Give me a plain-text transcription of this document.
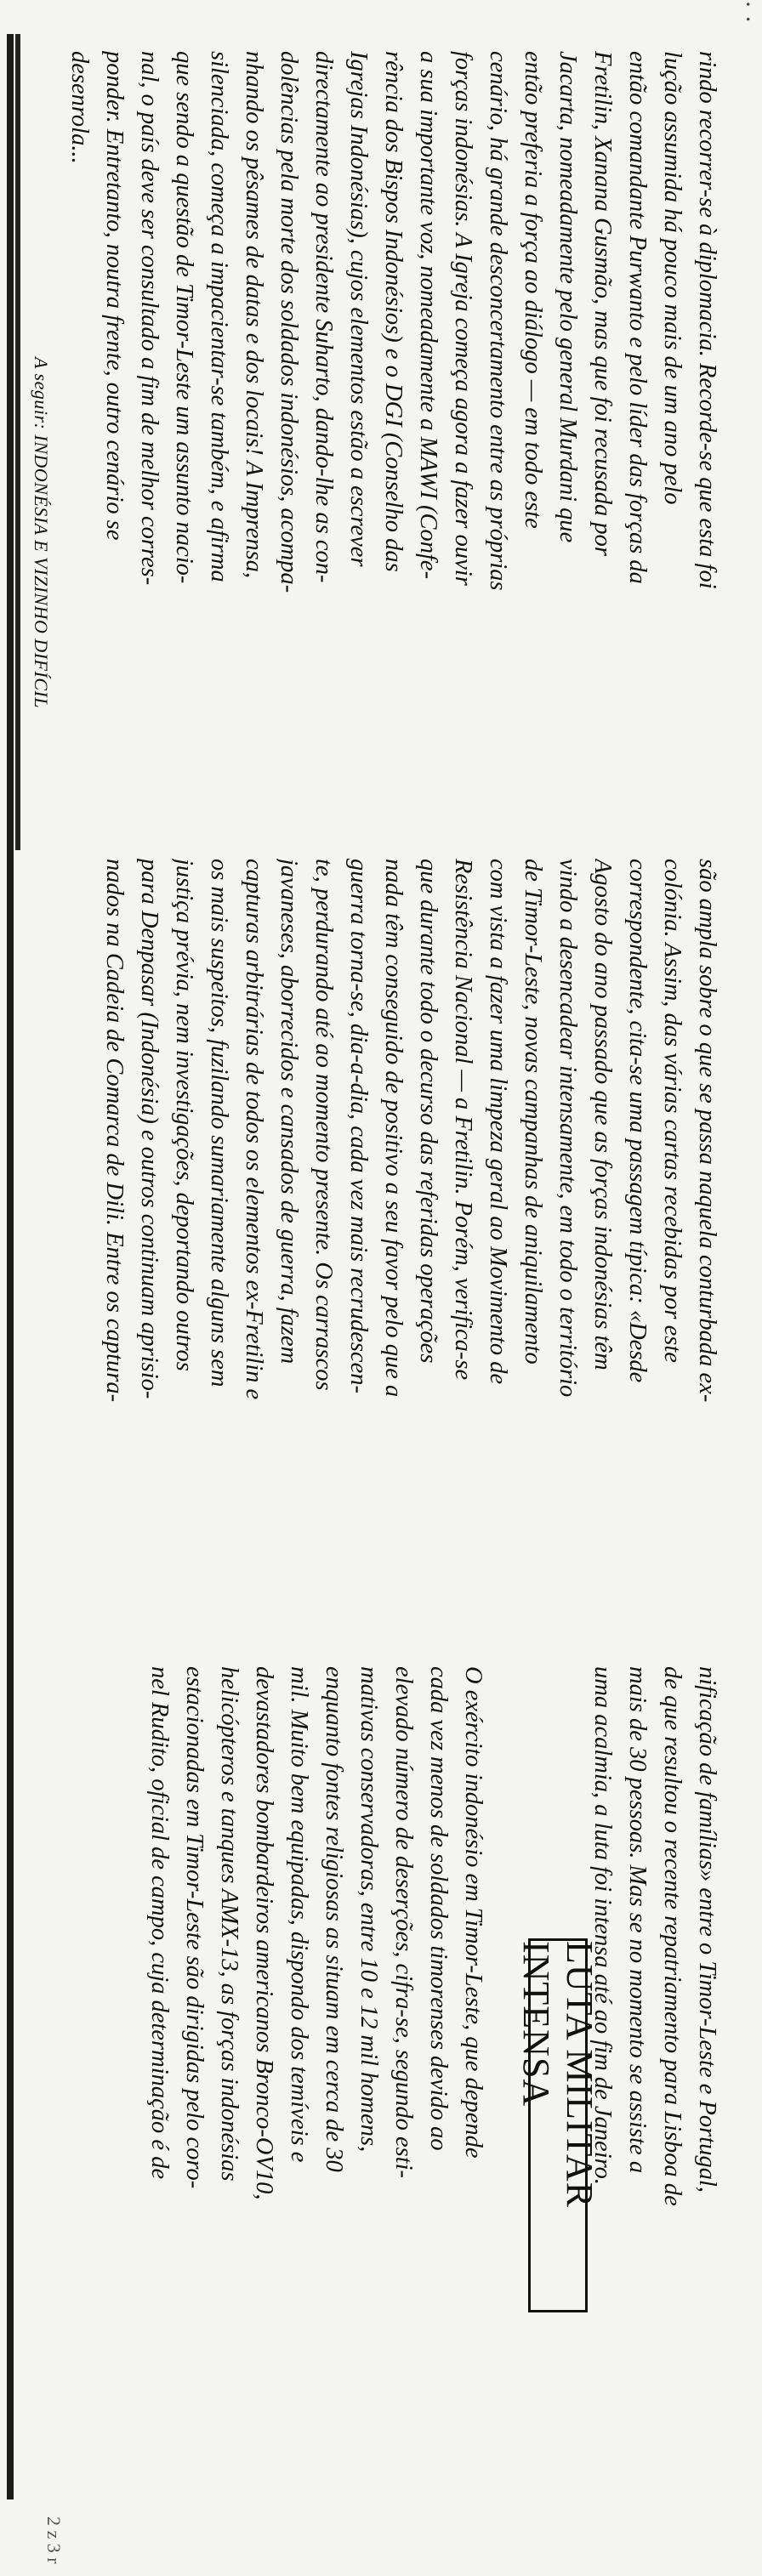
· ·
nificação de famílias» entre o Timor-Leste e Portugal,
de que resultou o recente repatriamento para Lisboa de
mais de 30 pessoas. Mas se no momento se assiste a
uma acalmia, a luta foi intensa até ao fim de Janeiro.
LUTA MILITAR INTENSA
O exército indonésio em Timor-Leste, que depende
cada vez menos de soldados timorenses devido ao
elevado número de deserções, cifra-se, segundo esti-
mativas conservadoras, entre 10 e 12 mil homens,
enquanto fontes religiosas as situam em cerca de 30
mil. Muito bem equipadas, dispondo dos temíveis e
devastadores bombardeiros americanos Bronco-OV10,
helicópteros e tanques AMX-13, as forças indonésias
estacionadas em Timor-Leste são dirigidas pelo coro-
nel Rudito, oficial de campo, cuja determinação é de
são ampla sobre o que se passa naquela conturbada ex-
colónia. Assim, das várias cartas recebidas por este
correspondente, cita-se uma passagem típica: «Desde
Agosto do ano passado que as forças indonésias têm
vindo a desencadear intensamente, em todo o território
de Timor-Leste, novas campanhas de aniquilamento
com vista a fazer uma limpeza geral ao Movimento de
Resistência Nacional — a Fretilin. Porém, verifica-se
que durante todo o decurso das referidas operações
nada têm conseguido de positivo a seu favor pelo que a
guerra torna-se, dia-a-dia, cada vez mais recrudescen-
te, perdurando até ao momento presente. Os carrascos
javaneses, aborrecidos e cansados de guerra, fazem
capturas arbitrárias de todos os elementos ex-Fretilin e
os mais suspeitos, fuzilando sumariamente alguns sem
justiça prévia, nem investigações, deportando outros
para Denpasar (Indonésia) e outros continuam aprisio-
nados na Cadeia de Comarca de Dili. Entre os captura-
rindo recorrer-se à diplomacia. Recorde-se que esta foi
lução assumida há pouco mais de um ano pelo
então comandante Purwanto e pelo líder das forças da
Fretilin, Xanana Gusmão, mas que foi recusada por
Jacarta, nomeadamente pelo general Murdani que
então preferia a força ao diálogo — em todo este
cenário, há grande desconcertamento entre as próprias
forças indonésias. A Igreja começa agora a fazer ouvir
a sua importante voz, nomeadamente a MAWI (Confe-
rência dos Bispos Indonésios) e o DGI (Conselho das
Igrejas Indonésias), cujos elementos estão a escrever
directamente ao presidente Suharto, dando-lhe as con-
dolências pela morte dos soldados indonésios, acompa-
nhando os pêsames de datas e dos locais! A Imprensa,
silenciada, começa a impacientar-se também, e afirma
que sendo a questão de Timor-Leste um assunto nacio-
nal, o país deve ser consultado a fim de melhor corres-
ponder. Entretanto, noutra frente, outro cenário se
desenrola...
A seguir: INDONÉSIA E VIZINHO DIFÍCIL
2 z 3 r
